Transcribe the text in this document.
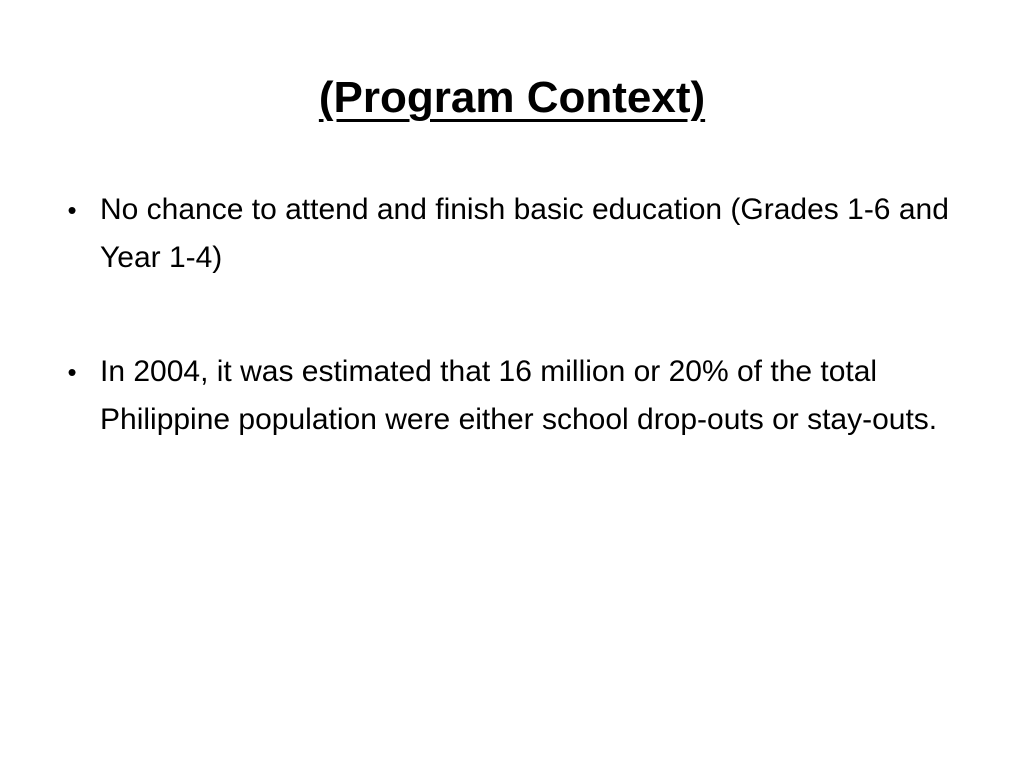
(Program Context)
• No chance to attend and finish basic education (Grades 1-6 and Year 1-4)
• In 2004, it was estimated that 16 million or 20% of the total Philippine population were either school drop-outs or stay-outs.
